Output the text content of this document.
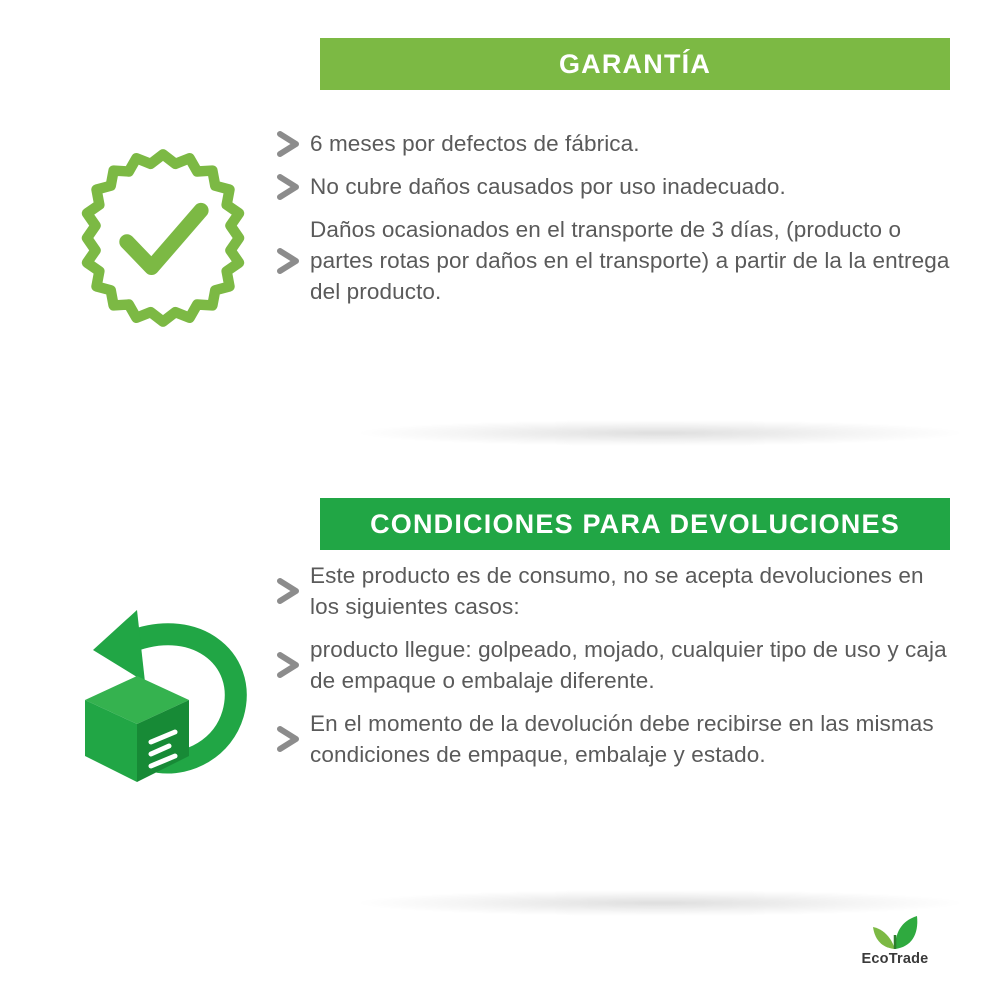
GARANTÍA
6 meses por defectos de fábrica.
No cubre daños causados por uso inadecuado.
Daños ocasionados en el transporte de 3 días, (producto o partes rotas por daños en el transporte) a partir de la la entrega del producto.
CONDICIONES PARA DEVOLUCIONES
Este producto es de consumo, no se acepta devoluciones en los siguientes casos:
producto llegue: golpeado, mojado, cualquier tipo de uso y caja de empaque o embalaje diferente.
En el momento de la devolución debe recibirse en las mismas condiciones de empaque, embalaje y estado.
EcoTrade
